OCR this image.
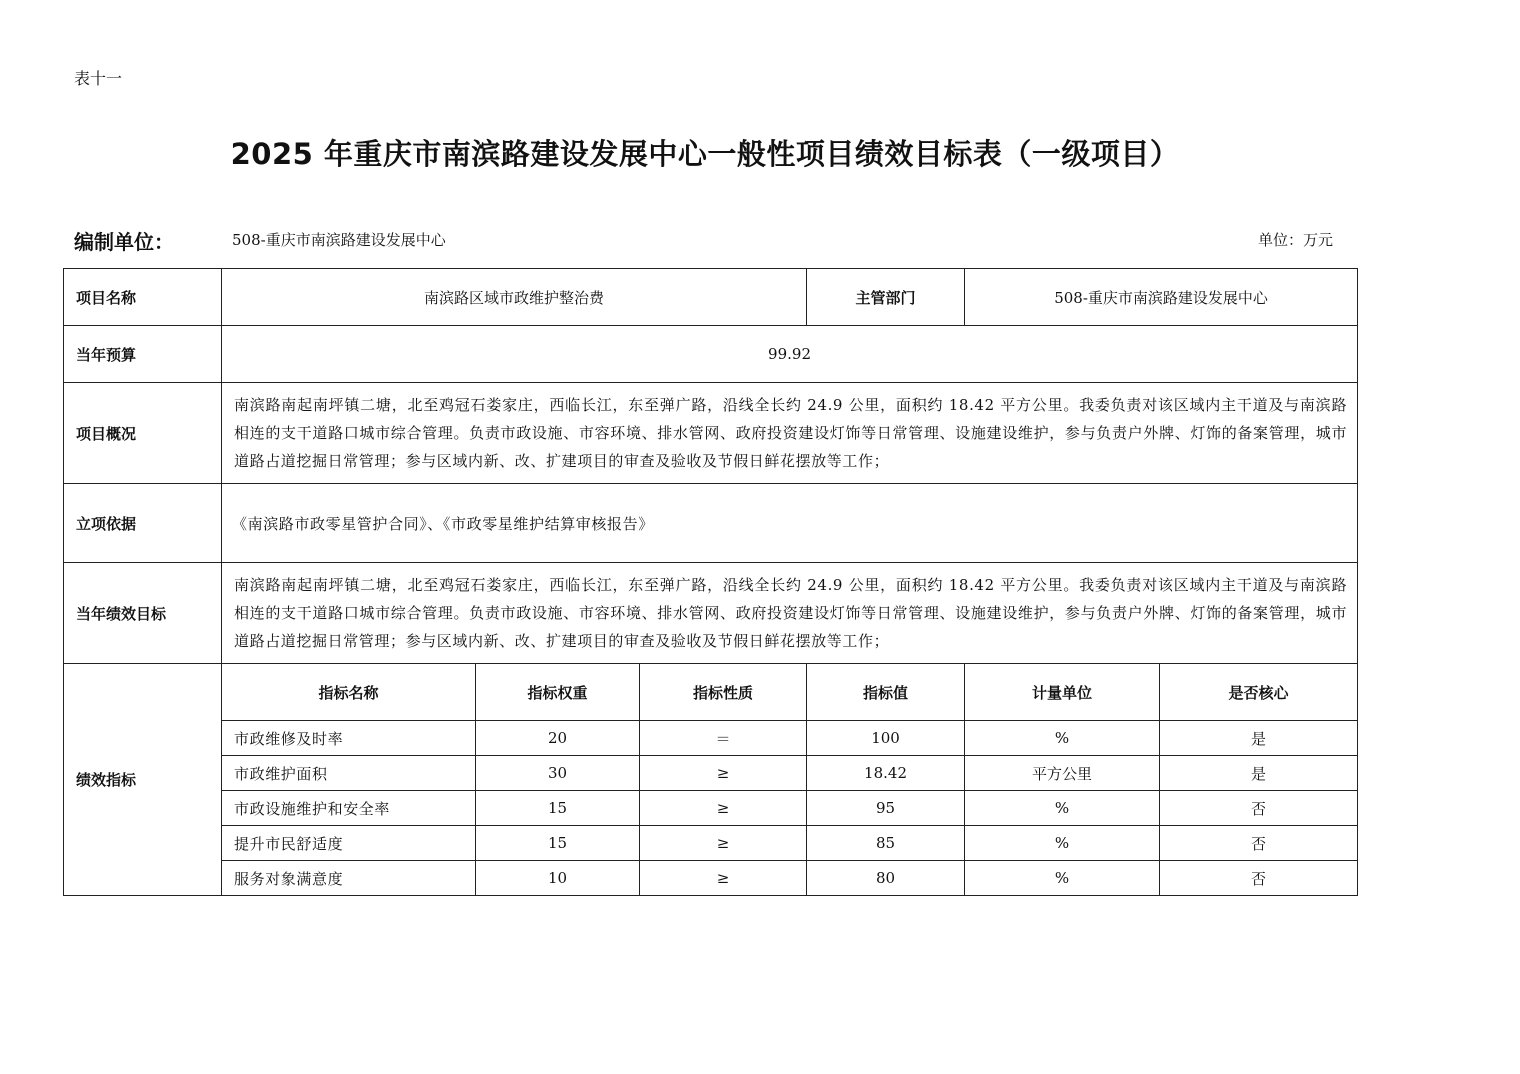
表十一
2025 年重庆市南滨路建设发展中心一般性项目绩效目标表（一级项目）
编制单位：	508-重庆市南滨路建设发展中心	单位：万元
项目名称	南滨路区域市政维护整治费			主管部门	508-重庆市南滨路建设发展中心	
当年预算	99.92					
项目概况	南滨路南起南坪镇二塘，北至鸡冠石娄家庄，西临长江，东至弹广路，沿线全长约 24.9 公里，面积约 18.42 平方公里。我委负责对该区域内主干道及与南滨路相连的支干道路口城市综合管理。负责市政设施、市容环境、排水管网、政府投资建设灯饰等日常管理、设施建设维护，参与负责户外牌、灯饰的备案管理，城市道路占道挖掘日常管理；参与区域内新、改、扩建项目的审查及验收及节假日鲜花摆放等工作；					
立项依据	《南滨路市政零星管护合同》、《市政零星维护结算审核报告》					
当年绩效目标	南滨路南起南坪镇二塘，北至鸡冠石娄家庄，西临长江，东至弹广路，沿线全长约 24.9 公里，面积约 18.42 平方公里。我委负责对该区域内主干道及与南滨路相连的支干道路口城市综合管理。负责市政设施、市容环境、排水管网、政府投资建设灯饰等日常管理、设施建设维护，参与负责户外牌、灯饰的备案管理，城市道路占道挖掘日常管理；参与区域内新、改、扩建项目的审查及验收及节假日鲜花摆放等工作；					
绩效指标	指标名称	指标权重	指标性质	指标值	计量单位	是否核心
	市政维修及时率	20	＝	100	%	是
	市政维护面积	30	≥	18.42	平方公里	是
	市政设施维护和安全率	15	≥	95	%	否
	提升市民舒适度	15	≥	85	%	否
	服务对象满意度	10	≥	80	%	否
